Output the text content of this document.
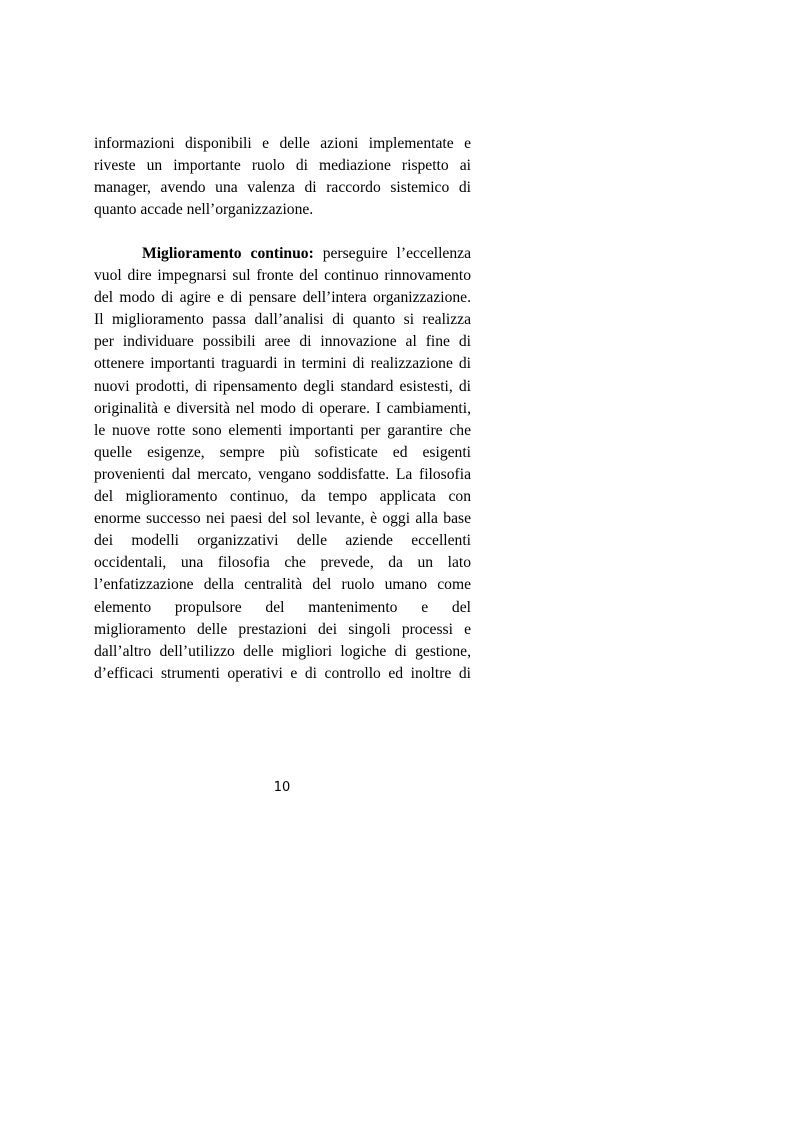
informazioni disponibili e delle azioni implementate e
riveste un importante ruolo di mediazione rispetto ai
manager, avendo una valenza di raccordo sistemico di
quanto accade nell’organizzazione.
Miglioramento continuo: perseguire l’eccellenza
vuol dire impegnarsi sul fronte del continuo rinnovamento
del modo di agire e di pensare dell’intera organizzazione.
Il miglioramento passa dall’analisi di quanto si realizza
per individuare possibili aree di innovazione al fine di
ottenere importanti traguardi in termini di realizzazione di
nuovi prodotti, di ripensamento degli standard esistesti, di
originalità e diversità nel modo di operare. I cambiamenti,
le nuove rotte sono elementi importanti per garantire che
quelle esigenze, sempre più sofisticate ed esigenti
provenienti dal mercato, vengano soddisfatte. La filosofia
del miglioramento continuo, da tempo applicata con
enorme successo nei paesi del sol levante, è oggi alla base
dei modelli organizzativi delle aziende eccellenti
occidentali, una filosofia che prevede, da un lato
l’enfatizzazione della centralità del ruolo umano come
elemento propulsore del mantenimento e del
miglioramento delle prestazioni dei singoli processi e
dall’altro dell’utilizzo delle migliori logiche di gestione,
d’efficaci strumenti operativi e di controllo ed inoltre di
10
